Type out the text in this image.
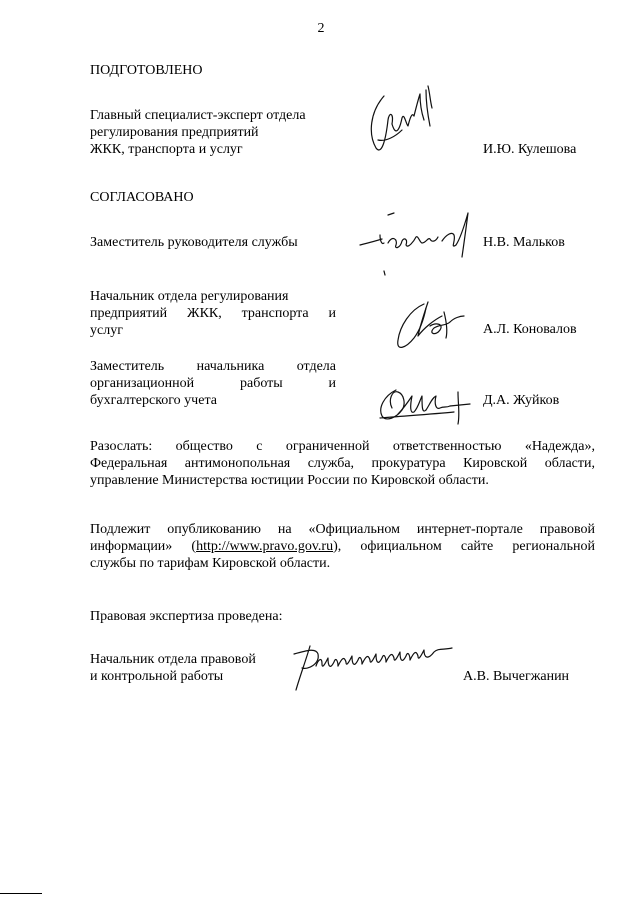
2
ПОДГОТОВЛЕНО
Главный специалист-эксперт отдела
регулирования предприятий
ЖКК, транспорта и услуг	И.Ю. Кулешова
СОГЛАСОВАНО
Заместитель руководителя службы	Н.В. Мальков
Начальник отдела регулирования
предприятий ЖКК, транспорта и
услуг	А.Л. Коновалов
Заместитель начальника отдела
организационной работы и
бухгалтерского учета	Д.А. Жуйков
Разослать: общество с ограниченной ответственностью «Надежда»,
Федеральная антимонопольная служба, прокуратура Кировской области,
управление Министерства юстиции России по Кировской области.
Подлежит опубликованию на «Официальном интернет-портале правовой
информации» (http://www.pravo.gov.ru), официальном сайте региональной
службы по тарифам Кировской области.
Правовая экспертиза проведена:
Начальник отдела правовой
и контрольной работы	А.В. Вычегжанин
